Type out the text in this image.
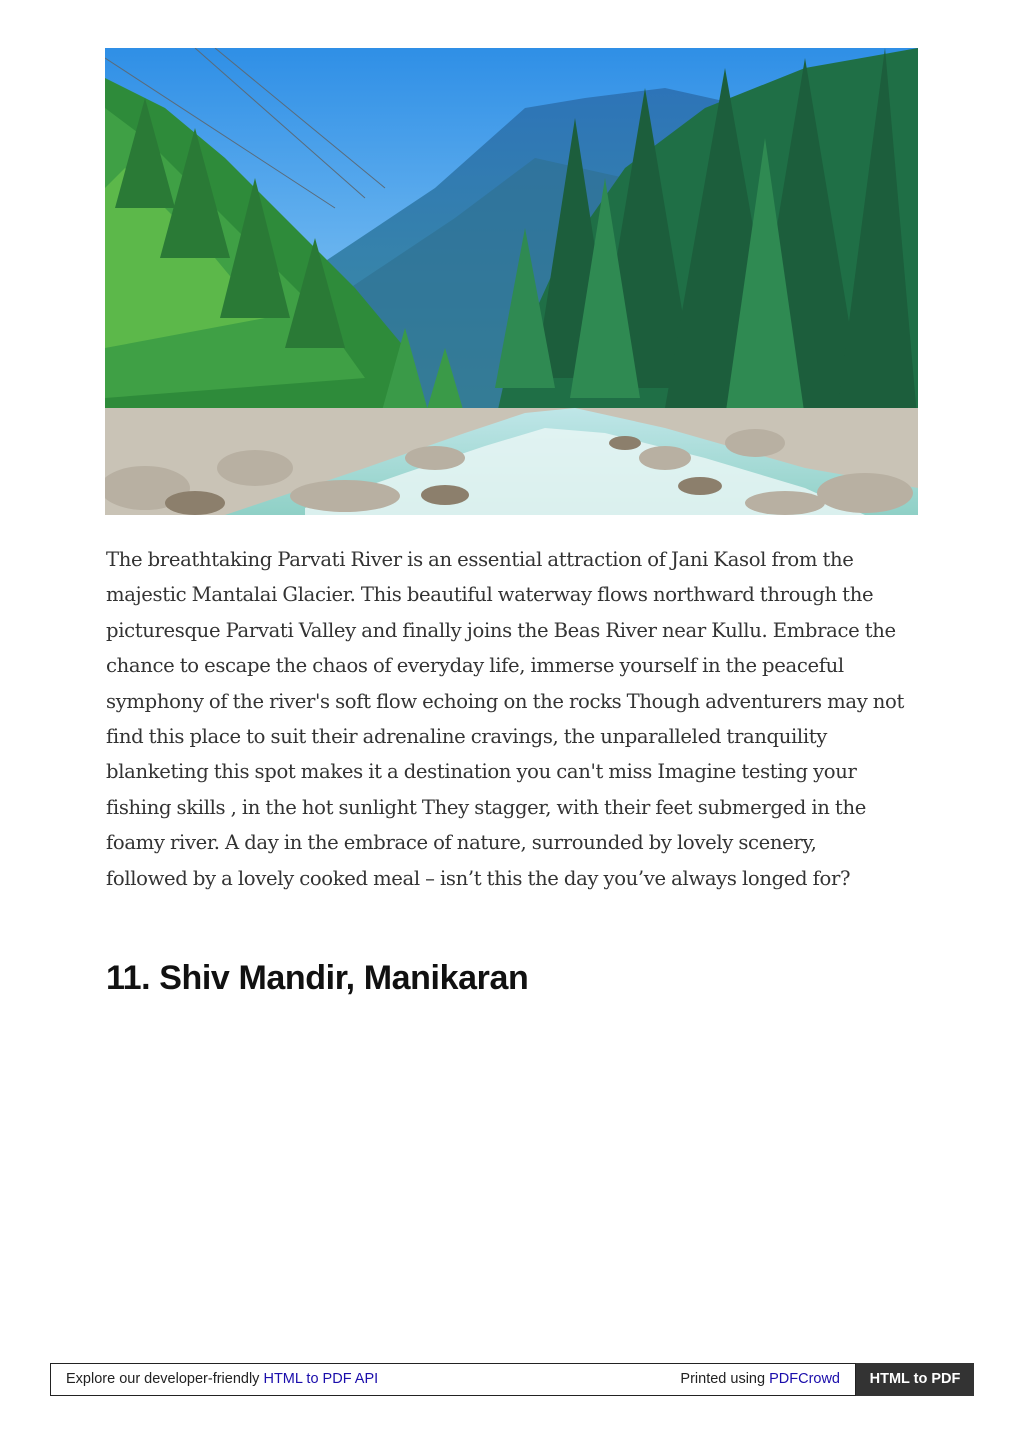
The breathtaking Parvati River is an essential attraction of Jani Kasol from the
majestic Mantalai Glacier. This beautiful waterway flows northward through the
picturesque Parvati Valley and finally joins the Beas River near Kullu. Embrace the
chance to escape the chaos of everyday life, immerse yourself in the peaceful
symphony of the river's soft flow echoing on the rocks Though adventurers may not
find this place to suit their adrenaline cravings, the unparalleled tranquility
blanketing this spot makes it a destination you can't miss Imagine testing your
fishing skills , in the hot sunlight They stagger, with their feet submerged in the
foamy river. A day in the embrace of nature, surrounded by lovely scenery,
followed by a lovely cooked meal – isn’t this the day you’ve always longed for?
11. Shiv Mandir, Manikaran
Explore our developer-friendly HTML to PDF API	Printed using PDFCrowd	HTML to PDF
